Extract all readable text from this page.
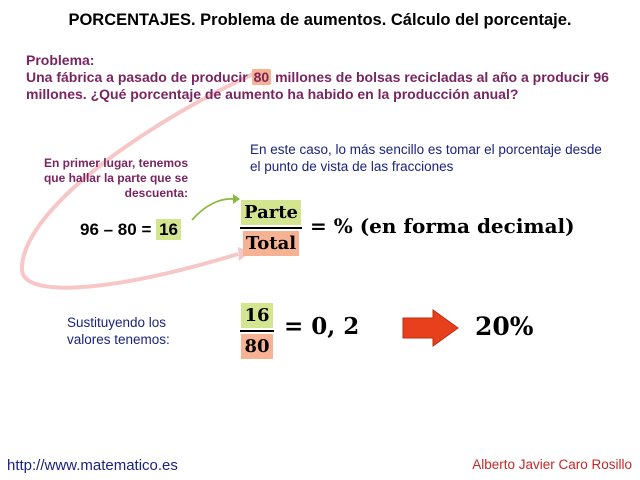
PORCENTAJES. Problema de aumentos. Cálculo del porcentaje.
Problema:
Una fábrica a pasado de producir 80 millones de bolsas recicladas al año a producir 96 millones. ¿Qué porcentaje de aumento ha habido en la producción anual?
En primer lugar, tenemos que hallar la parte que se descuenta:
En este caso, lo más sencillo es tomar el porcentaje desde el punto de vista de las fracciones
96 – 80 = 16
Parte
Total
= % (en forma decimal)
Sustituyendo los valores tenemos:
16
80
= 0, 2	20%
http://www.matematico.es	Alberto Javier Caro Rosillo
